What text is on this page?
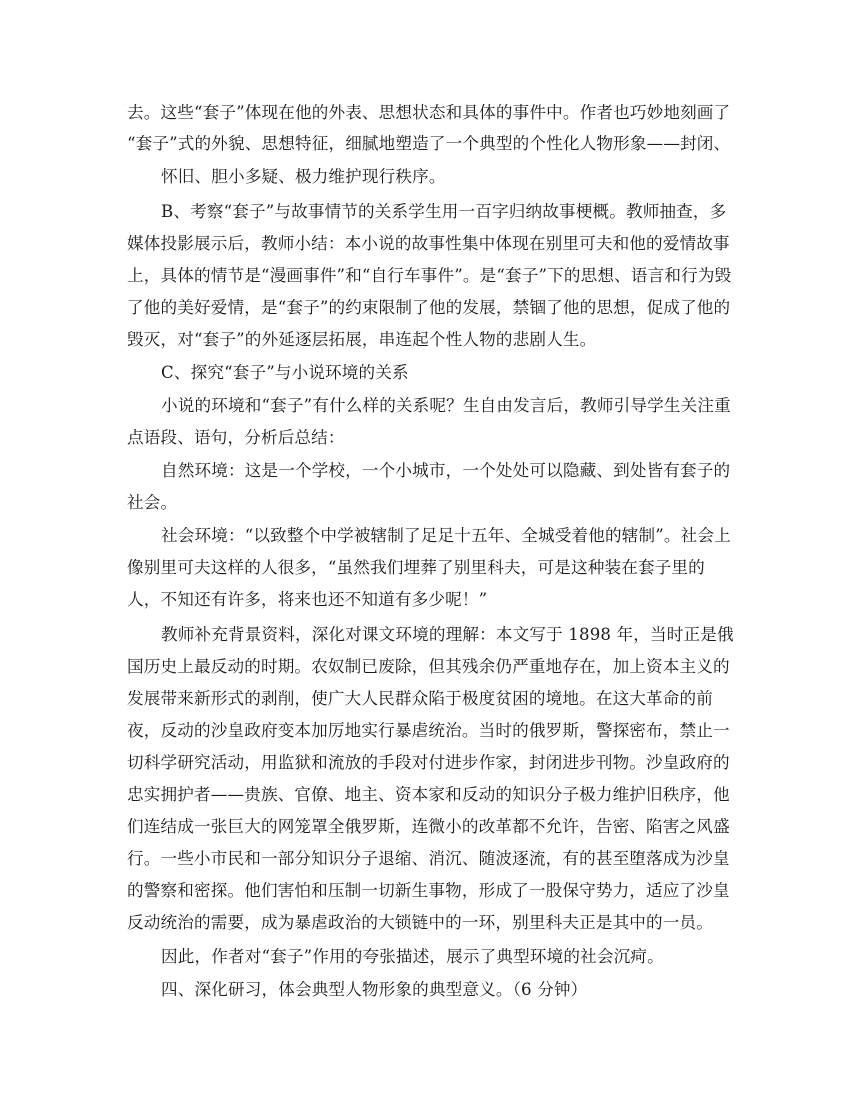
去。这些“套子”体现在他的外表、思想状态和具体的事件中。作者也巧妙地刻画了
“套子”式的外貌、思想特征，细腻地塑造了一个典型的个性化人物形象——封闭、
怀旧、胆小多疑、极力维护现行秩序。
B、考察“套子”与故事情节的关系学生用一百字归纳故事梗概。教师抽查，多
媒体投影展示后，教师小结：本小说的故事性集中体现在别里可夫和他的爱情故事
上，具体的情节是“漫画事件”和“自行车事件”。是“套子”下的思想、语言和行为毁
了他的美好爱情，是“套子”的约束限制了他的发展，禁锢了他的思想，促成了他的
毁灭，对“套子”的外延逐层拓展，串连起个性人物的悲剧人生。
C、探究“套子”与小说环境的关系
小说的环境和“套子”有什么样的关系呢？生自由发言后，教师引导学生关注重
点语段、语句，分析后总结：
自然环境：这是一个学校，一个小城市，一个处处可以隐藏、到处皆有套子的
社会。
社会环境：“以致整个中学被辖制了足足十五年、全城受着他的辖制”。社会上
像别里可夫这样的人很多，“虽然我们埋葬了别里科夫，可是这种装在套子里的
人，不知还有许多，将来也还不知道有多少呢！”
教师补充背景资料，深化对课文环境的理解：本文写于 1898 年，当时正是俄
国历史上最反动的时期。农奴制已废除，但其残余仍严重地存在，加上资本主义的
发展带来新形式的剥削，使广大人民群众陷于极度贫困的境地。在这大革命的前
夜，反动的沙皇政府变本加厉地实行暴虐统治。当时的俄罗斯，警探密布，禁止一
切科学研究活动，用监狱和流放的手段对付进步作家，封闭进步刊物。沙皇政府的
忠实拥护者——贵族、官僚、地主、资本家和反动的知识分子极力维护旧秩序，他
们连结成一张巨大的网笼罩全俄罗斯，连微小的改革都不允许，告密、陷害之风盛
行。一些小市民和一部分知识分子退缩、消沉、随波逐流，有的甚至堕落成为沙皇
的警察和密探。他们害怕和压制一切新生事物，形成了一股保守势力，适应了沙皇
反动统治的需要，成为暴虐政治的大锁链中的一环，别里科夫正是其中的一员。
因此，作者对“套子”作用的夸张描述，展示了典型环境的社会沉疴。
四、深化研习，体会典型人物形象的典型意义。（6 分钟）
